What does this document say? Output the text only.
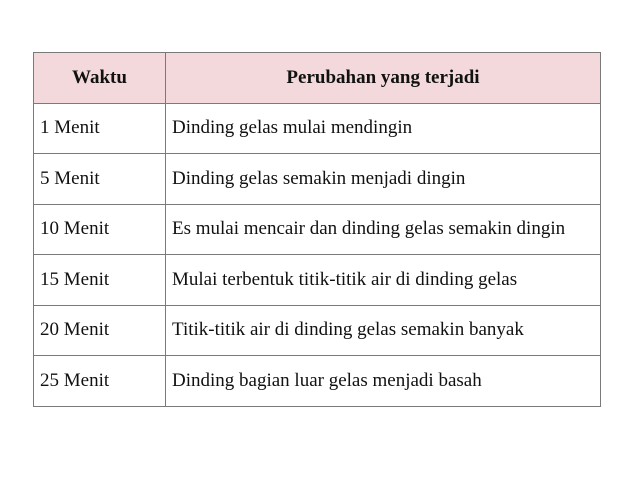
Waktu	Perubahan yang terjadi
1 Menit	Dinding gelas mulai mendingin
5 Menit	Dinding gelas semakin menjadi dingin
10 Menit	Es mulai mencair dan dinding gelas semakin dingin
15 Menit	Mulai terbentuk titik-titik air di dinding gelas
20 Menit	Titik-titik air di dinding gelas semakin banyak
25 Menit	Dinding bagian luar gelas menjadi basah
